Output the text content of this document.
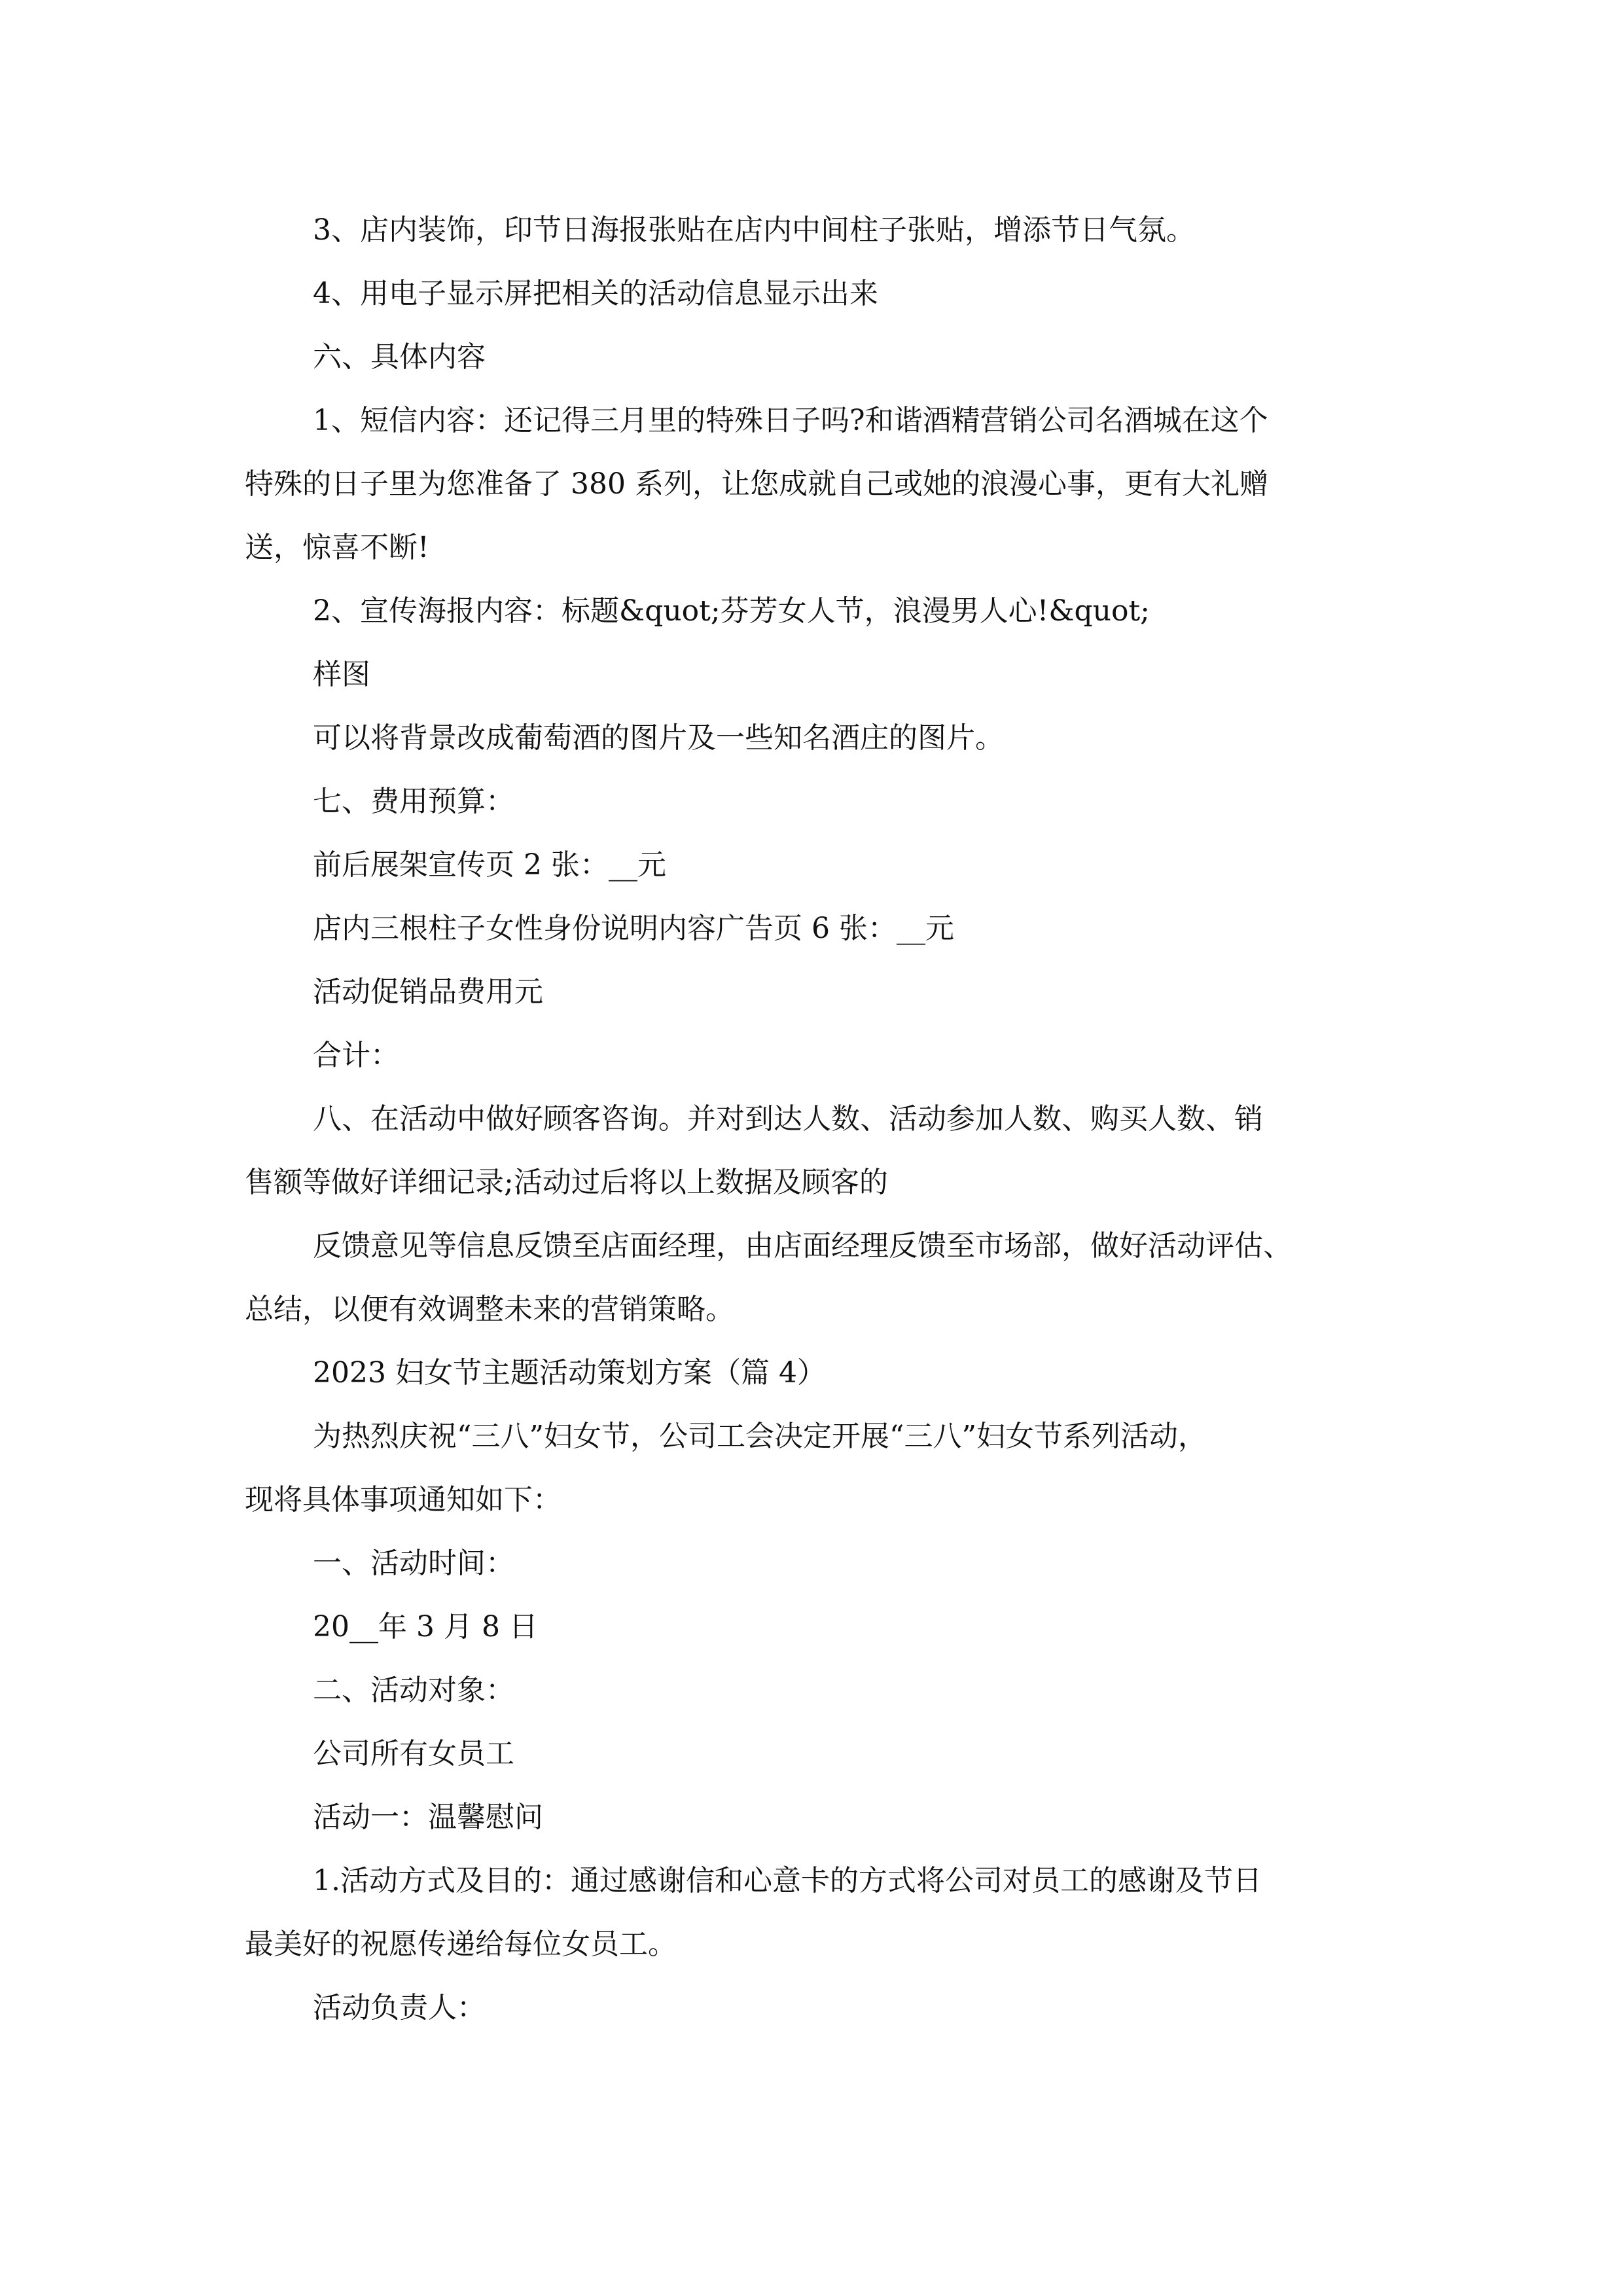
3、店内装饰，印节日海报张贴在店内中间柱子张贴，增添节日气氛。
4、用电子显示屏把相关的活动信息显示出来
六、具体内容
1、短信内容：还记得三月里的特殊日子吗?和谐酒精营销公司名酒城在这个
特殊的日子里为您准备了 380 系列，让您成就自己或她的浪漫心事，更有大礼赠
送，惊喜不断!
2、宣传海报内容：标题&quot;芬芳女人节，浪漫男人心!&quot;
样图
可以将背景改成葡萄酒的图片及一些知名酒庄的图片。
七、费用预算：
前后展架宣传页 2 张：__元
店内三根柱子女性身份说明内容广告页 6 张：__元
活动促销品费用元
合计：
八、在活动中做好顾客咨询。并对到达人数、活动参加人数、购买人数、销
售额等做好详细记录;活动过后将以上数据及顾客的
反馈意见等信息反馈至店面经理，由店面经理反馈至市场部，做好活动评估、
总结，以便有效调整未来的营销策略。
2023 妇女节主题活动策划方案（篇 4）
为热烈庆祝“三八”妇女节，公司工会决定开展“三八”妇女节系列活动，
现将具体事项通知如下：
一、活动时间：
20__年 3 月 8 日
二、活动对象：
公司所有女员工
活动一：温馨慰问
1.活动方式及目的：通过感谢信和心意卡的方式将公司对员工的感谢及节日
最美好的祝愿传递给每位女员工。
活动负责人：
